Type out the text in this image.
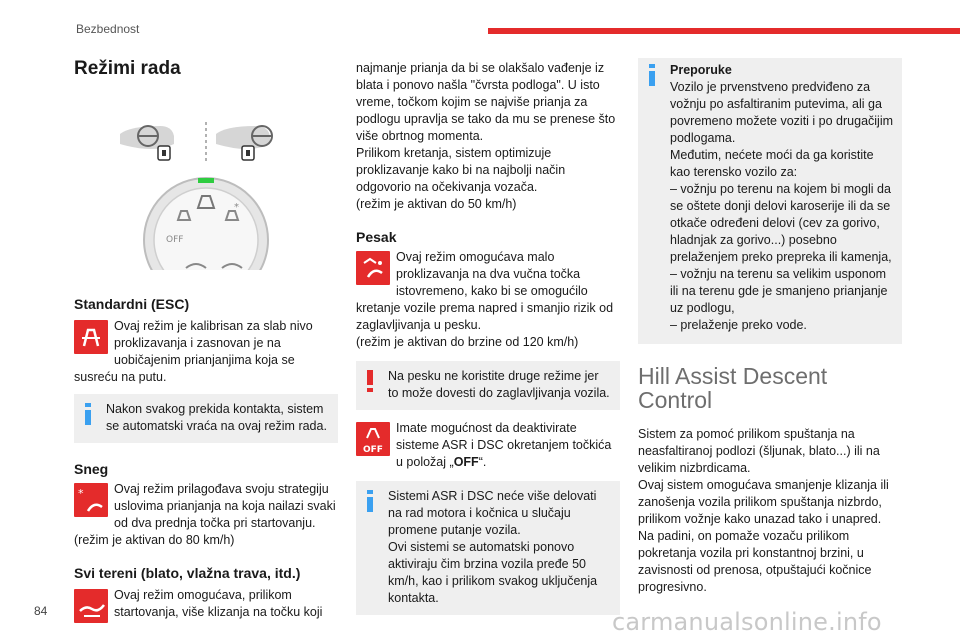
Bezbednost
Režimi rada
*
OFF
Standardni (ESC)

Ovaj režim je kalibrisan za slab nivo proklizavanja i zasnovan je na uobičajenim prianjanjima koja se susreću na putu.

Nakon svakog prekida kontakta, sistem se automatski vraća na ovaj režim rada.

Sneg
*	Ovaj režim prilagođava svoju strategiju uslovima prianjanja na koja nailazi svaki od dva prednja točka pri startovanju.

(režim je aktivan do 80 km/h)

Svi tereni (blato, vlažna trava, itd.)

Ovaj režim omogućava, prilikom startovanja, više klizanja na točku koji

najmanje prianja da bi se olakšalo vađenje iz blata i ponovo našla "čvrsta podloga". U isto vreme, točkom kojim se najviše prianja za podlogu upravlja se tako da mu se prenese što više obrtnog momenta.

Prilikom kretanja, sistem optimizuje proklizavanje kako bi na najbolji način odgovorio na očekivanja vozača.

(režim je aktivan do 50 km/h)

Pesak

Ovaj režim omogućava malo proklizavanja na dva vučna točka istovremeno, kako bi se omogućilo kretanje vozile prema napred i smanjio rizik od zaglavljivanja u pesku.

(režim je aktivan do brzine od 120 km/h)

Na pesku ne koristite druge režime jer to može dovesti do zaglavljivanja vozila.

OFF

Imate mogućnost da deaktivirate sisteme ASR i DSC okretanjem točkića u položaj „OFF“.

Sistemi ASR i DSC neće više delovati na rad motora i kočnica u slučaju promene putanje vozila.

Ovi sistemi se automatski ponovo aktiviraju čim brzina vozila pređe 50 km/h, kao i prilikom svakog uključenja kontakta.

Preporuke

Vozilo je prvenstveno predviđeno za vožnju po asfaltiranim putevima, ali ga povremeno možete voziti i po drugačijim podlogama.

Međutim, nećete moći da ga koristite kao terensko vozilo za:

– vožnju po terenu na kojem bi mogli da se oštete donji delovi karoserije ili da se otkače određeni delovi (cev za gorivo, hladnjak za gorivo...) posebno prelaženjem preko prepreka ili kamenja,

– vožnju na terenu sa velikim usponom ili na terenu gde je smanjeno prianjanje uz podlogu,

– prelaženje preko vode.

Hill Assist Descent Control

Sistem za pomoć prilikom spuštanja na neasfaltiranoj podlozi (šljunak, blato...) ili na velikim nizbrdicama.

Ovaj sistem omogućava smanjenje klizanja ili zanošenja vozila prilikom spuštanja nizbrdo, prilikom vožnje kako unazad tako i unapred.

Na padini, on pomaže vozaču prilikom pokretanja vozila pri konstantnoj brzini, u zavisnosti od prenosa, otpuštajući kočnice progresivno.

84	carmanualsonline.info
